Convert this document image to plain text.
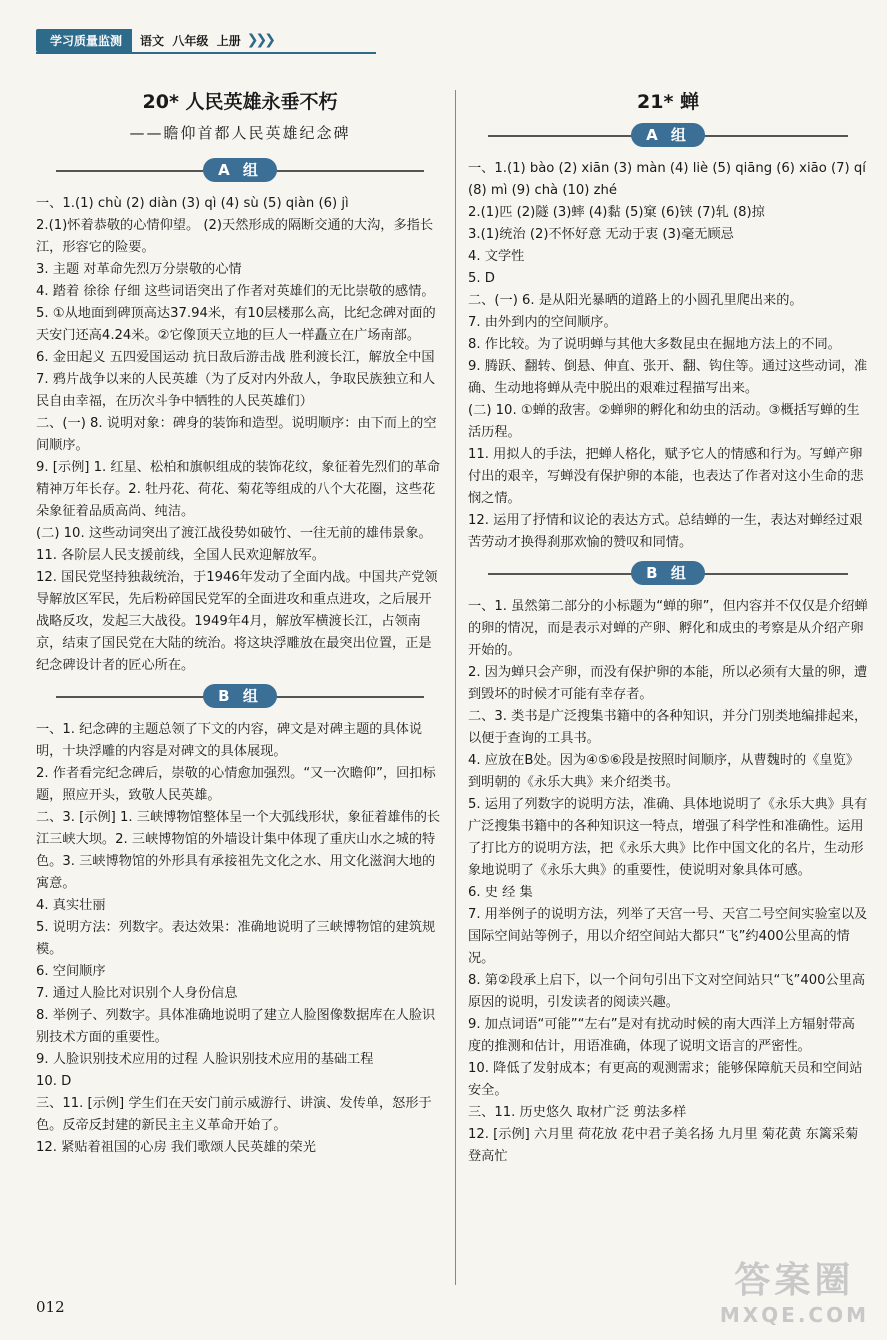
学习质量监测	语文  八年级  上册 ❯❯❯
20* 人民英雄永垂不朽
——瞻仰首都人民英雄纪念碑
A 组

一、1.(1) chù (2) diàn (3) qì (4) sù (5) qiàn (6) jì

2.(1)怀着恭敬的心情仰望。 (2)天然形成的隔断交通的大沟，多指长江，形容它的险要。

3. 主题 对革命先烈万分崇敬的心情

4. 踏着 徐徐 仔细 这些词语突出了作者对英雄们的无比崇敬的感情。

5. ①从地面到碑顶高达37.94米，有10层楼那么高，比纪念碑对面的天安门还高4.24米。②它像顶天立地的巨人一样矗立在广场南部。

6. 金田起义 五四爱国运动 抗日敌后游击战 胜利渡长江，解放全中国

7. 鸦片战争以来的人民英雄（为了反对内外敌人，争取民族独立和人民自由幸福，在历次斗争中牺牲的人民英雄们）

二、(一) 8. 说明对象：碑身的装饰和造型。说明顺序：由下而上的空间顺序。

9. [示例] 1. 红星、松柏和旗帜组成的装饰花纹，象征着先烈们的革命精神万年长存。2. 牡丹花、荷花、菊花等组成的八个大花圈，这些花朵象征着品质高尚、纯洁。

(二) 10. 这些动词突出了渡江战役势如破竹、一往无前的雄伟景象。

11. 各阶层人民支援前线，全国人民欢迎解放军。

12. 国民党坚持独裁统治，于1946年发动了全面内战。中国共产党领导解放区军民，先后粉碎国民党军的全面进攻和重点进攻，之后展开战略反攻，发起三大战役。1949年4月，解放军横渡长江，占领南京，结束了国民党在大陆的统治。将这块浮雕放在最突出位置，正是纪念碑设计者的匠心所在。

B 组

一、1. 纪念碑的主题总领了下文的内容，碑文是对碑主题的具体说明，十块浮雕的内容是对碑文的具体展现。

2. 作者看完纪念碑后，崇敬的心情愈加强烈。“又一次瞻仰”，回扣标题，照应开头，致敬人民英雄。

二、3. [示例] 1. 三峡博物馆整体呈一个大弧线形状，象征着雄伟的长江三峡大坝。2. 三峡博物馆的外墙设计集中体现了重庆山水之城的特色。3. 三峡博物馆的外形具有承接祖先文化之水、用文化滋润大地的寓意。

4. 真实壮丽

5. 说明方法：列数字。表达效果：准确地说明了三峡博物馆的建筑规模。

6. 空间顺序

7. 通过人脸比对识别个人身份信息

8. 举例子、列数字。具体准确地说明了建立人脸图像数据库在人脸识别技术方面的重要性。

9. 人脸识别技术应用的过程 人脸识别技术应用的基础工程

10. D

三、11. [示例] 学生们在天安门前示威游行、讲演、发传单，怒形于色。反帝反封建的新民主主义革命开始了。

12. 紧贴着祖国的心房 我们歌颂人民英雄的荣光

21* 蝉
A 组

一、1.(1) bào (2) xiān (3) màn (4) liè (5) qiāng (6) xiāo (7) qí (8) mì (9) chà (10) zhé

2.(1)匹 (2)隧 (3)蟀 (4)黏 (5)窠 (6)铗 (7)轧 (8)掠

3.(1)统治 (2)不怀好意 无动于衷 (3)毫无顾忌

4. 文学性

5. D

二、(一) 6. 是从阳光暴晒的道路上的小圆孔里爬出来的。

7. 由外到内的空间顺序。

8. 作比较。为了说明蝉与其他大多数昆虫在掘地方法上的不同。

9. 腾跃、翻转、倒悬、伸直、张开、翻、钩住等。通过这些动词，准确、生动地将蝉从壳中脱出的艰难过程描写出来。

(二) 10. ①蝉的敌害。②蝉卵的孵化和幼虫的活动。③概括写蝉的生活历程。

11. 用拟人的手法，把蝉人格化，赋予它人的情感和行为。写蝉产卵付出的艰辛，写蝉没有保护卵的本能，也表达了作者对这小生命的悲悯之情。

12. 运用了抒情和议论的表达方式。总结蝉的一生，表达对蝉经过艰苦劳动才换得刹那欢愉的赞叹和同情。

B 组

一、1. 虽然第二部分的小标题为“蝉的卵”，但内容并不仅仅是介绍蝉的卵的情况，而是表示对蝉的产卵、孵化和成虫的考察是从介绍产卵开始的。

2. 因为蝉只会产卵，而没有保护卵的本能，所以必须有大量的卵，遭到毁坏的时候才可能有幸存者。

二、3. 类书是广泛搜集书籍中的各种知识，并分门别类地编排起来，以便于查询的工具书。

4. 应放在B处。因为④⑤⑥段是按照时间顺序，从曹魏时的《皇览》到明朝的《永乐大典》来介绍类书。

5. 运用了列数字的说明方法，准确、具体地说明了《永乐大典》具有广泛搜集书籍中的各种知识这一特点，增强了科学性和准确性。运用了打比方的说明方法，把《永乐大典》比作中国文化的名片，生动形象地说明了《永乐大典》的重要性，使说明对象具体可感。

6. 史 经 集

7. 用举例子的说明方法，列举了天宫一号、天宫二号空间实验室以及国际空间站等例子，用以介绍空间站大都只“飞”约400公里高的情况。

8. 第②段承上启下，以一个问句引出下文对空间站只“飞”400公里高原因的说明，引发读者的阅读兴趣。

9. 加点词语“可能”“左右”是对有扰动时候的南大西洋上方辐射带高度的推测和估计，用语准确，体现了说明文语言的严密性。

10. 降低了发射成本；有更高的观测需求；能够保障航天员和空间站安全。

三、11. 历史悠久 取材广泛 剪法多样

12. [示例] 六月里 荷花放 花中君子美名扬 九月里 菊花黄 东篱采菊登高忙

012
答案圈
MXQE.COM
